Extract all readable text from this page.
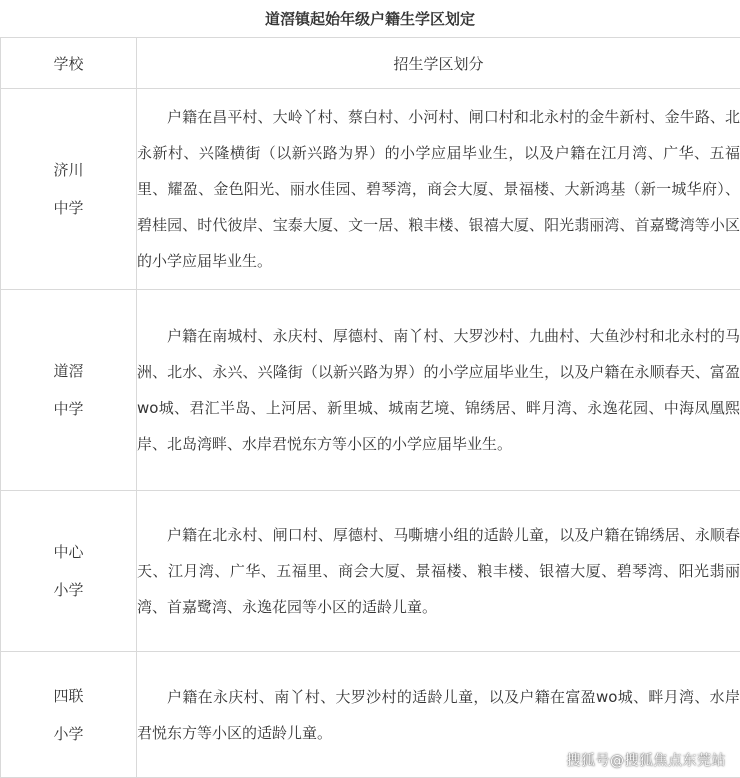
道滘镇起始年级户籍生学区划定
学校	招生学区划分

济川
中学	户籍在昌平村、大岭丫村、蔡白村、小河村、闸口村和北永村的金牛新村、金牛路、北永新村、兴隆横街（以新兴路为界）的小学应届毕业生，以及户籍在江月湾、广华、五福里、耀盈、金色阳光、丽水佳园、碧琴湾，商会大厦、景福楼、大新鸿基（新一城华府）、碧桂园、时代彼岸、宝泰大厦、文一居、粮丰楼、银禧大厦、阳光翡丽湾、首嘉鹭湾等小区的小学应届毕业生。

道滘
中学	户籍在南城村、永庆村、厚德村、南丫村、大罗沙村、九曲村、大鱼沙村和北永村的马洲、北水、永兴、兴隆街（以新兴路为界）的小学应届毕业生，以及户籍在永顺春天、富盈wo城、君汇半岛、上河居、新里城、城南艺境、锦绣居、畔月湾、永逸花园、中海凤凰熙岸、北岛湾畔、水岸君悦东方等小区的小学应届毕业生。

中心
小学	户籍在北永村、闸口村、厚德村、马嘶塘小组的适龄儿童，以及户籍在锦绣居、永顺春天、江月湾、广华、五福里、商会大厦、景福楼、粮丰楼、银禧大厦、碧琴湾、阳光翡丽湾、首嘉鹭湾、永逸花园等小区的适龄儿童。

四联
小学	户籍在永庆村、南丫村、大罗沙村的适龄儿童，以及户籍在富盈wo城、畔月湾、水岸君悦东方等小区的适龄儿童。
搜狐号@搜狐焦点东莞站
